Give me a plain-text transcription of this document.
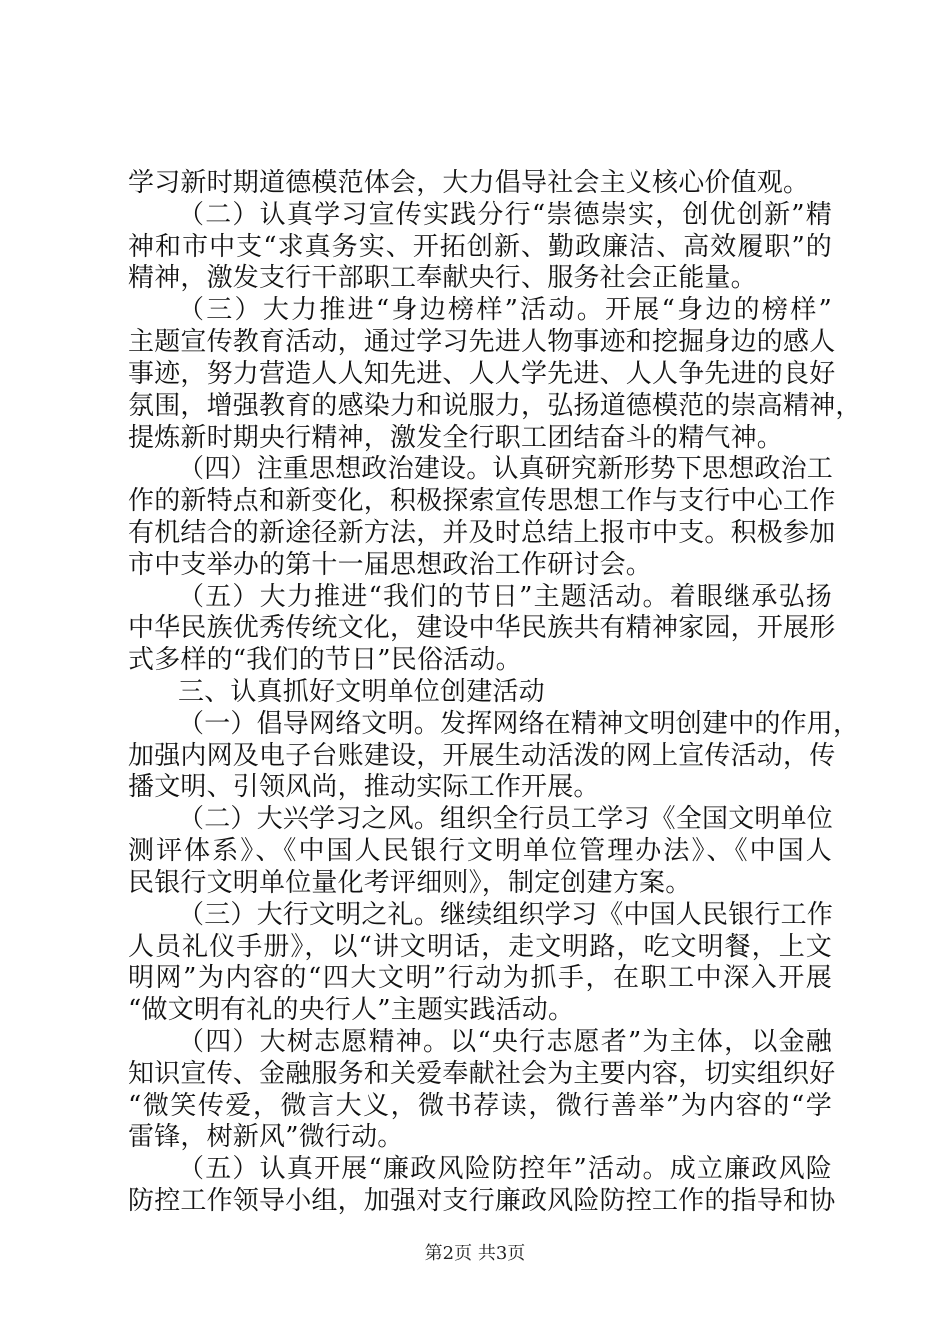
学习新时期道德模范体会，大力倡导社会主义核心价值观。
（二）认真学习宣传实践分行“崇德崇实，创优创新”精
神和市中支“求真务实、开拓创新、勤政廉洁、高效履职”的
精神，激发支行干部职工奉献央行、服务社会正能量。
（三）大力推进“身边榜样”活动。开展“身边的榜样”
主题宣传教育活动，通过学习先进人物事迹和挖掘身边的感人
事迹，努力营造人人知先进、人人学先进、人人争先进的良好
氛围，增强教育的感染力和说服力，弘扬道德模范的崇高精神，
提炼新时期央行精神，激发全行职工团结奋斗的精气神。
（四）注重思想政治建设。认真研究新形势下思想政治工
作的新特点和新变化，积极探索宣传思想工作与支行中心工作
有机结合的新途径新方法，并及时总结上报市中支。积极参加
市中支举办的第十一届思想政治工作研讨会。
（五）大力推进“我们的节日”主题活动。着眼继承弘扬
中华民族优秀传统文化，建设中华民族共有精神家园，开展形
式多样的“我们的节日”民俗活动。
三、认真抓好文明单位创建活动
（一）倡导网络文明。发挥网络在精神文明创建中的作用，
加强内网及电子台账建设，开展生动活泼的网上宣传活动，传
播文明、引领风尚，推动实际工作开展。
（二）大兴学习之风。组织全行员工学习《全国文明单位
测评体系》、《中国人民银行文明单位管理办法》、《中国人
民银行文明单位量化考评细则》，制定创建方案。
（三）大行文明之礼。继续组织学习《中国人民银行工作
人员礼仪手册》，以“讲文明话，走文明路，吃文明餐，上文
明网”为内容的“四大文明”行动为抓手，在职工中深入开展
“做文明有礼的央行人”主题实践活动。
（四）大树志愿精神。以“央行志愿者”为主体，以金融
知识宣传、金融服务和关爱奉献社会为主要内容，切实组织好
“微笑传爱，微言大义，微书荐读，微行善举”为内容的“学
雷锋，树新风”微行动。
（五）认真开展“廉政风险防控年”活动。成立廉政风险
防控工作领导小组，加强对支行廉政风险防控工作的指导和协
第2页 共3页
